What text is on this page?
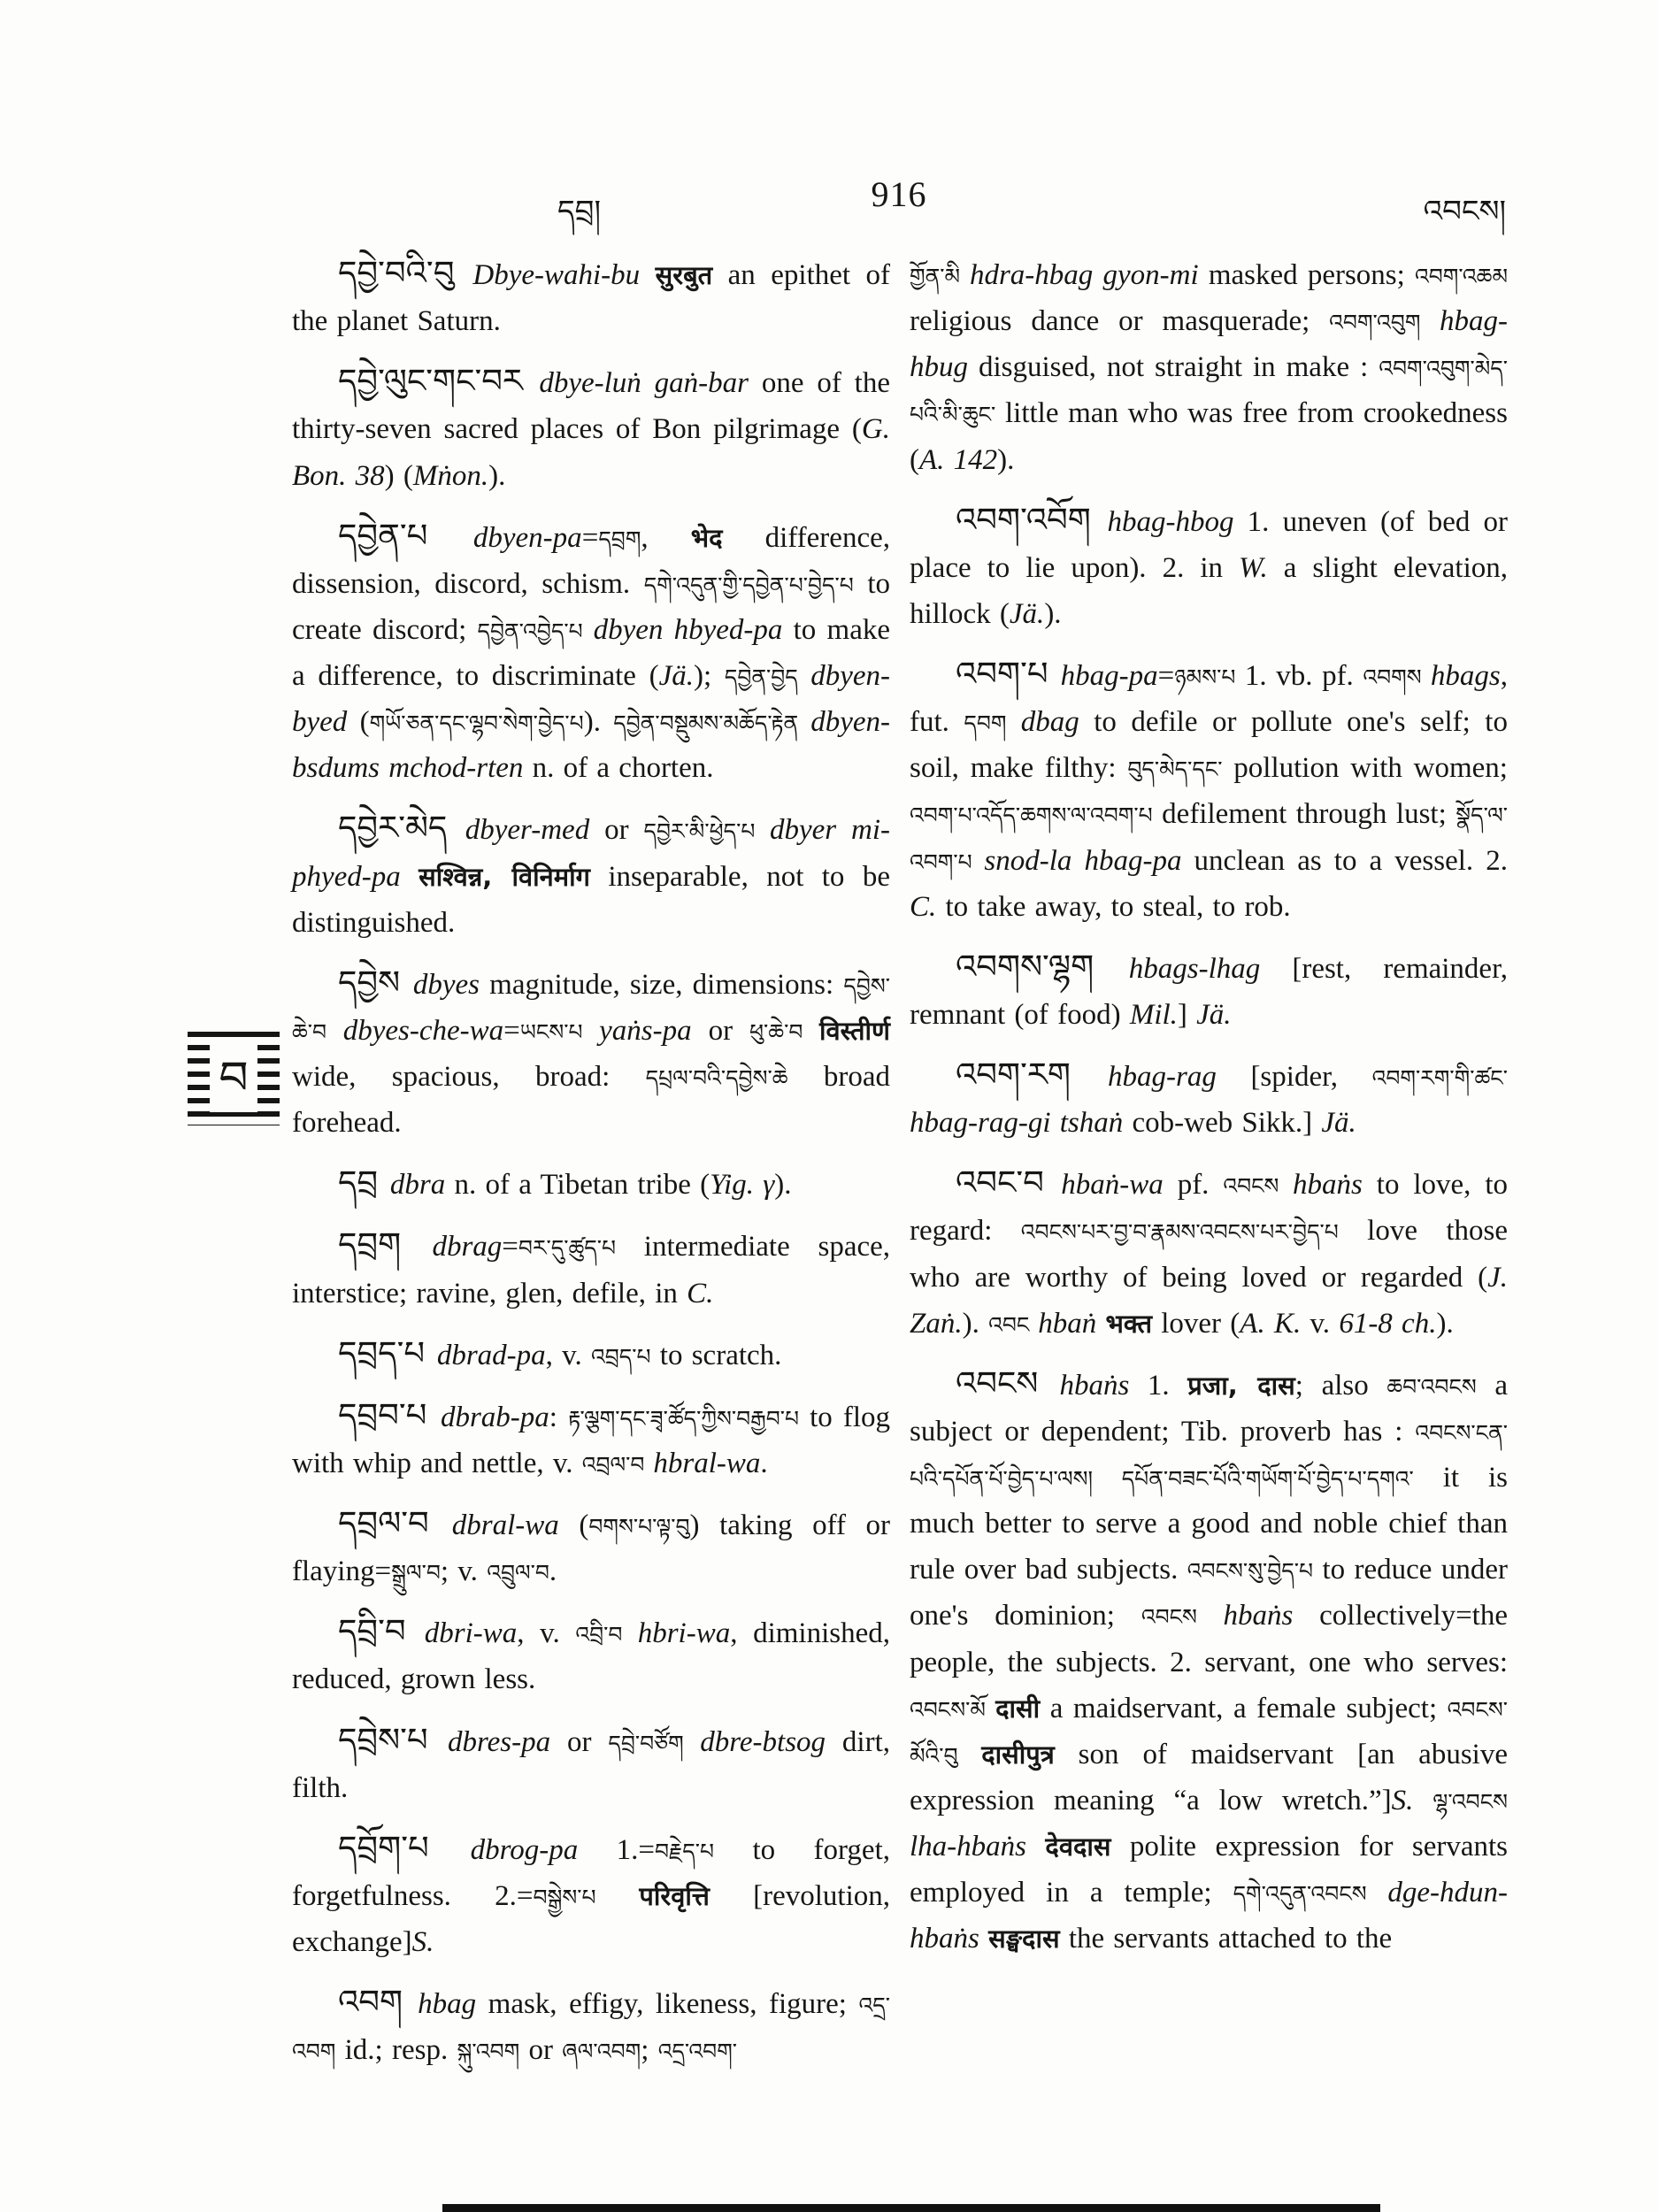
དབྲ།	916	འབངས།
བ

དབྱེ་བའི་བུ Dbye-wahi-bu सुरबुत an epithet of the planet Saturn.

དབྱེ་ལུང་གང་བར dbye-luṅ gaṅ-bar one of the thirty-seven sacred places of Bon pilgrimage (G. Bon. 38) (Mṅon.).

དབྱེན་པ dbyen-pa=དབྲག, भेद difference, dissension, discord, schism. དགེ་འདུན་གྱི་དབྱེན་པ་བྱེད་པ to create discord; དབྱེན་འབྱེད་པ dbyen hbyed-pa to make a difference, to discriminate (Jä.); དབྱེན་བྱེད dbyen-byed (གཡོ་ཅན་དང་ལྷབ་སེག་བྱེད་པ). དབྱེན་བསྡུམས་མཆོད་རྟེན dbyen-bsdums mchod-rten n. of a chorten.

དབྱེར་མེད dbyer-med or དབྱེར་མི་ཕྱེད་པ dbyer mi-phyed-pa सश्विन्न, विनिर्माग inseparable, not to be distinguished.

དབྱེས dbyes magnitude, size, dimensions: དབྱེས་ཆེ་བ dbyes-che-wa=ཡངས་པ yaṅs-pa or ཕུ་ཆེ་བ विस्तीर्ण wide, spacious, broad: དཔྲལ་བའི་དབྱེས་ཆེ broad forehead.

དབྲ dbra n. of a Tibetan tribe (Yig. γ).

དབྲག dbrag=བར་དུ་ཚུད་པ intermediate space, interstice; ravine, glen, defile, in C.

དབྲད་པ dbrad-pa, v. འབྲད་པ to scratch.

དབྲབ་པ dbrab-pa: རྟ་ལྕག་དང་ཟྭ་ཚོད་ཀྱིས་བརྒྱབ་པ to flog with whip and nettle, v. འབྲལ་བ hbral-wa.

དབྲལ་བ dbral-wa (བགས་པ་ལྟ་བུ) taking off or flaying=སྒྲུལ་བ; v. འབྲུལ་བ.

དབྲི་བ dbri-wa, v. འབྲི་བ hbri-wa, diminished, reduced, grown less.

དབྲེས་པ dbres-pa or དབྲེ་བཙོག dbre-btsog dirt, filth.

དབྲོག་པ dbrog-pa 1.=བརྗེད་པ to forget, forgetfulness. 2.=བསྒྱེས་པ परिवृत्ति [revolution, exchange]S.

འབག hbag mask, effigy, likeness, figure; འདྲ་འབག id.; resp. སྐུ་འབག or ཞལ་འབག; འདྲ་འབག་

གྱོན་མི hdra-hbag gyon-mi masked persons; འབག་འཆམ religious dance or masquerade; འབག་འབུག hbag-hbug disguised, not straight in make : འབག་འབུག་མེད་པའི་མི་ཆུང་ little man who was free from crookedness (A. 142).

འབག་འབོག hbag-hbog 1. uneven (of bed or place to lie upon). 2. in W. a slight elevation, hillock (Jä.).

འབག་པ hbag-pa=ཉམས་པ 1. vb. pf. འབགས hbags, fut. དབག dbag to defile or pollute one's self; to soil, make filthy: བུད་མེད་དང་ pollution with women; འབག་པ་འདོད་ཆགས་ལ་འབག་པ defilement through lust; སྣོད་ལ་འབག་པ snod-la hbag-pa unclean as to a vessel. 2. C. to take away, to steal, to rob.

འབགས་ལྷག hbags-lhag [rest, remainder, remnant (of food) Mil.] Jä.

འབག་རག hbag-rag [spider, འབག་རག་གི་ཚང་ hbag-rag-gi tshaṅ cob-web Sikk.] Jä.

འབང་བ hbaṅ-wa pf. འབངས hbaṅs to love, to regard: འབངས་པར་བྱ་བ་རྣམས་འབངས་པར་བྱེད་པ love those who are worthy of being loved or regarded (J. Zaṅ.). འབང hbaṅ भक्त lover (A. K. v. 61-8 ch.).

འབངས hbaṅs 1. प्रजा, दास; also ཆབ་འབངས a subject or dependent; Tib. proverb has : འབངས་ངན་པའི་དཔོན་པོ་བྱེད་པ་ལས། དཔོན་བཟང་པོའི་གཡོག་པོ་བྱེད་པ་དགའ་ it is much better to serve a good and noble chief than rule over bad subjects. འབངས་སུ་བྱེད་པ to reduce under one's dominion; འབངས hbaṅs collectively=the people, the subjects. 2. servant, one who serves: འབངས་མོ दासी a maidservant, a female subject; འབངས་མོའི་བུ दासीपुत्र son of maidservant [an abusive expression meaning “a low wretch.”]S. ལྷ་འབངས lha-hbaṅs देवदास polite expression for servants employed in a temple; དགེ་འདུན་འབངས dge-hdun-hbaṅs सङ्घदास the servants attached to the
